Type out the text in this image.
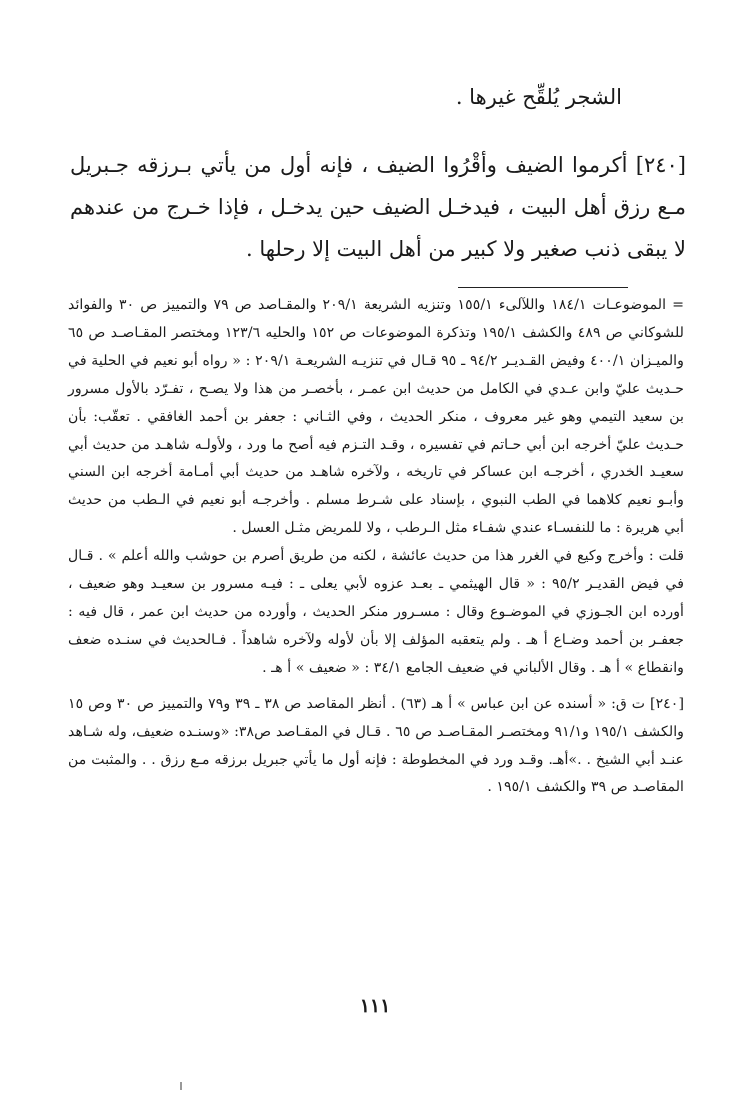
الشجر يُلقِّح غيرها .

[٢٤٠] أكرموا الضيف وأقْرُوا الضيف ، فإنه أول من يأتي بـرزقه جـبريل مـع رزق أهل البيت ، فيدخـل الضيف حين يدخـل ، فإذا خـرج من عندهم لا يبقى ذنب صغير ولا كبير من أهل البيت إلا رحلها .

= الموضوعـات ١٨٤/١ واللآلىء ١٥٥/١ وتنزيه الشريعة ٢٠٩/١ والمقـاصد ص ٧٩ والتمييز ص ٣٠ والفوائد للشوكاني ص ٤٨٩ والكشف ١٩٥/١ وتذكرة الموضوعات ص ١٥٢ والحليه ١٢٣/٦ ومختصر المقـاصـد ص ٦٥ والميـزان ٤٠٠/١ وفيض القـديـر ٩٤/٢ ـ ٩٥ قـال في تنزيـه الشريعـة ٢٠٩/١ : « رواه أبو نعيم في الحلية في حـديث عليّ وابن عـدي في الكامل من حديث ابن عمـر ، بأخصـر من هذا ولا يصـح ، تفـرّد بالأول مسرور بن سعيد التيمي وهو غير معروف ، منكر الحديث ، وفي الثـاني : جعفر بن أحمد الغافقي . تعقّب: بأن حـديث عليّ أخرجه ابن أبي حـاتم في تفسيره ، وقـد التـزم فيه أصح ما ورد ، ولأولـه شاهـد من حديث أبي سعيـد الخدري ، أخرجـه ابن عساكر في تاريخه ، ولآخره شاهـد من حديث أبي أمـامة أخرجه ابن السني وأبـو نعيم كلاهما في الطب النبوي ، بإسناد على شـرط مسلم . وأخرجـه أبو نعيم في الـطب من حديث أبي هريرة : ما للنفسـاء عندي شفـاء مثل الـرطب ، ولا للمريض مثـل العسل .

قلت : وأخرج وكيع في الغرر هذا من حديث عائشة ، لكنه من طريق أصرم بن حوشب والله أعلم » . قـال في فيض القديـر ٩٥/٢ : « قال الهيثمي ـ بعـد عزوه لأبي يعلى ـ : فيـه مسرور بن سعيـد وهو ضعيف ، أورده ابن الجـوزي في الموضـوع وقال : مسـرور منكر الحديث ، وأورده من حديث ابن عمر ، قال فيه : جعفـر بن أحمد وضـاع أ هـ . ولم يتعقبه المؤلف إلا بأن لأوله ولآخره شاهداً . فـالحديث في سنـده ضعف وانقطاع » أ هـ . وقال الألباني في ضعيف الجامع ٣٤/١ : « ضعيف » أ هـ .

[٢٤٠] ت ق: « أسنده عن ابن عباس » أ هـ (٦٣) . أنظر المقاصد ص ٣٨ ـ ٣٩ و٧٩ والتمييز ص ٣٠ وص ١٥ والكشف ١٩٥/١ و٩١/١ ومختصـر المقـاصـد ص ٦٥ . قـال في المقـاصد ص٣٨: «وسنـده ضعيف، وله شـاهد عنـد أبي الشيخ . .»أهـ. وقـد ورد في المخطوطة : فإنه أول ما يأتي جبريل برزقه مـع رزق . . والمثبت من المقاصـد ص ٣٩ والكشف ١٩٥/١ .

١١١
